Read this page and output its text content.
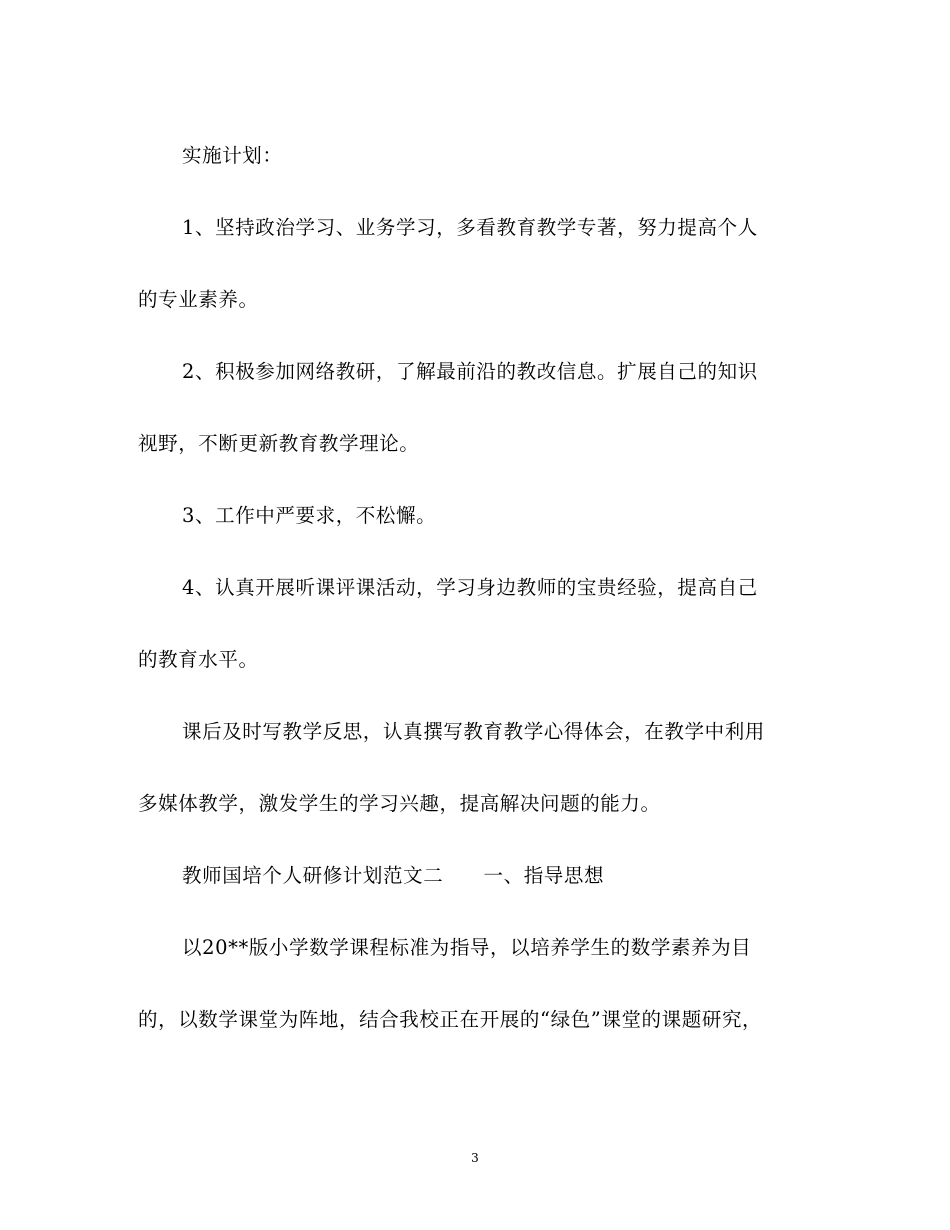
实施计划：
1、坚持政治学习、业务学习，多看教育教学专著，努力提高个人
的专业素养。
2、积极参加网络教研，了解最前沿的教改信息。扩展自己的知识
视野，不断更新教育教学理论。
3、工作中严要求，不松懈。
4、认真开展听课评课活动，学习身边教师的宝贵经验，提高自己
的教育水平。
课后及时写教学反思，认真撰写教育教学心得体会，在教学中利用
多媒体教学，激发学生的学习兴趣，提高解决问题的能力。
教师国培个人研修计划范文二　　一、指导思想
以20**版小学数学课程标准为指导，以培养学生的数学素养为目
的，以数学课堂为阵地，结合我校正在开展的“绿色”课堂的课题研究，
3
